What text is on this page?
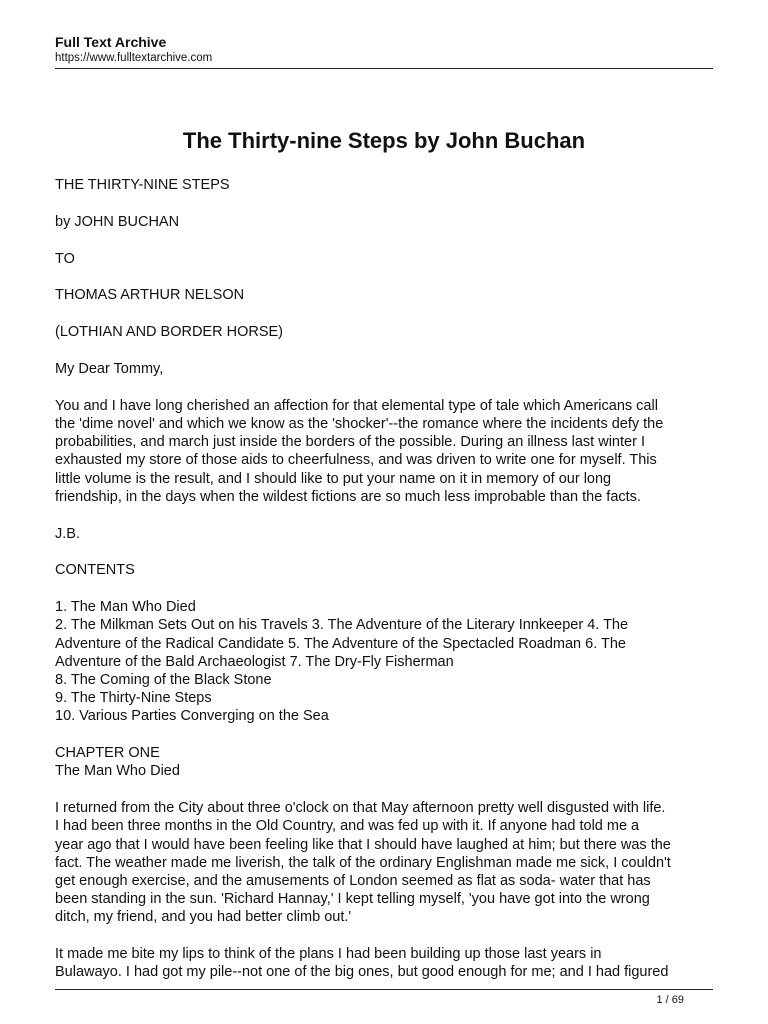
Full Text Archive

https://www.fulltextarchive.com

The Thirty-nine Steps by John Buchan

THE THIRTY-NINE STEPS

by JOHN BUCHAN

TO

THOMAS ARTHUR NELSON

(LOTHIAN AND BORDER HORSE)

My Dear Tommy,

You and I have long cherished an affection for that elemental type of tale which Americans call
the 'dime novel' and which we know as the 'shocker'--the romance where the incidents defy the
probabilities, and march just inside the borders of the possible. During an illness last winter I
exhausted my store of those aids to cheerfulness, and was driven to write one for myself. This
little volume is the result, and I should like to put your name on it in memory of our long
friendship, in the days when the wildest fictions are so much less improbable than the facts.

J.B.

CONTENTS

1. The Man Who Died
2. The Milkman Sets Out on his Travels 3. The Adventure of the Literary Innkeeper 4. The
Adventure of the Radical Candidate 5. The Adventure of the Spectacled Roadman 6. The
Adventure of the Bald Archaeologist 7. The Dry-Fly Fisherman
8. The Coming of the Black Stone
9. The Thirty-Nine Steps
10. Various Parties Converging on the Sea

CHAPTER ONE
The Man Who Died

I returned from the City about three o'clock on that May afternoon pretty well disgusted with life.
I had been three months in the Old Country, and was fed up with it. If anyone had told me a
year ago that I would have been feeling like that I should have laughed at him; but there was the
fact. The weather made me liverish, the talk of the ordinary Englishman made me sick, I couldn't
get enough exercise, and the amusements of London seemed as flat as soda- water that has
been standing in the sun. 'Richard Hannay,' I kept telling myself, 'you have got into the wrong
ditch, my friend, and you had better climb out.'

It made me bite my lips to think of the plans I had been building up those last years in
Bulawayo. I had got my pile--not one of the big ones, but good enough for me; and I had figured

1 / 69
